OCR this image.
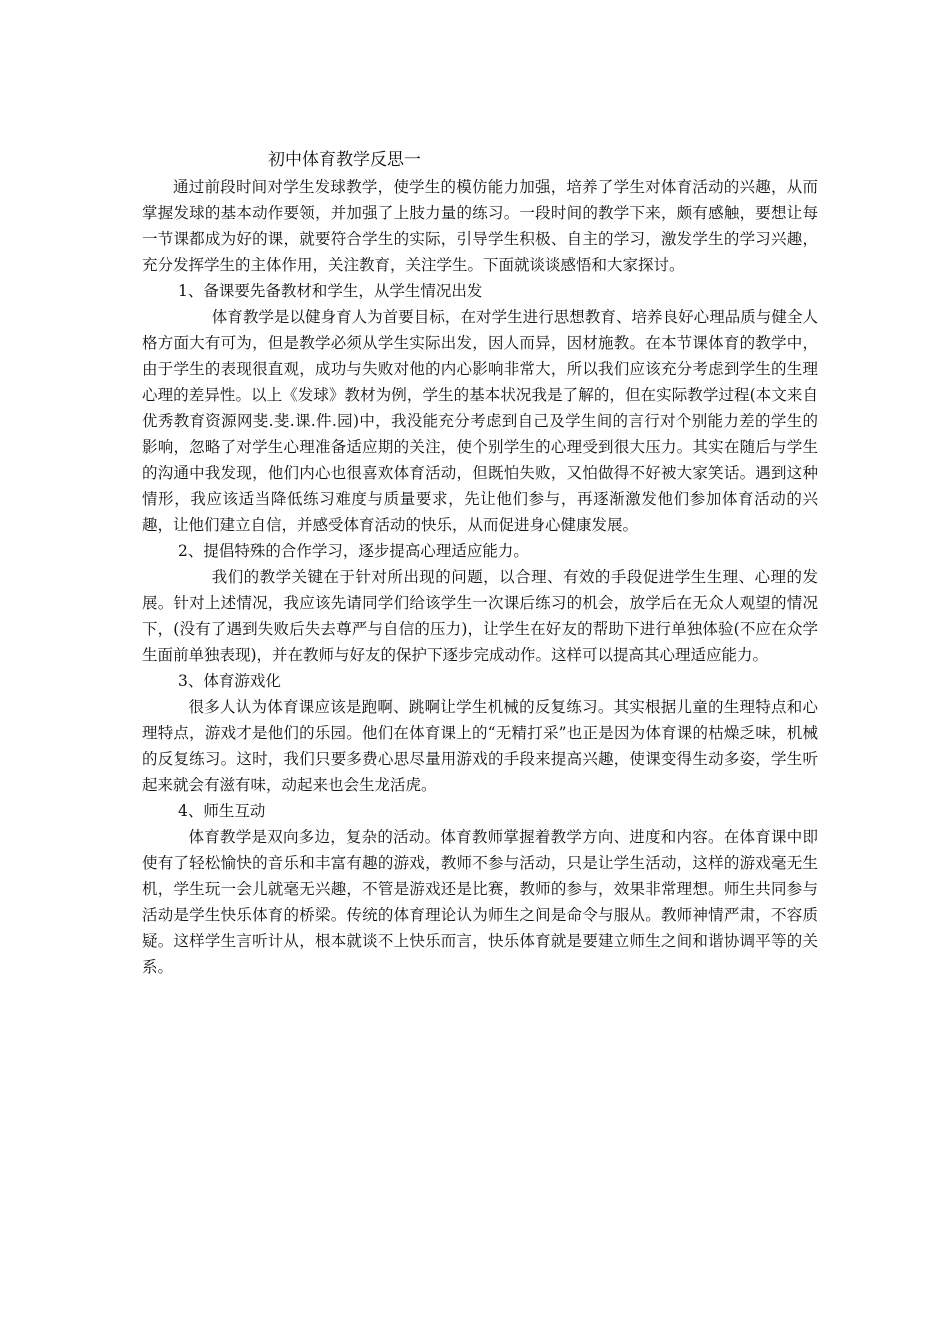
初中体育教学反思一

通过前段时间对学生发球教学，使学生的模仿能力加强，培养了学生对体育活动的兴趣，从而掌握发球的基本动作要领，并加强了上肢力量的练习。一段时间的教学下来，颇有感触，要想让每一节课都成为好的课，就要符合学生的实际，引导学生积极、自主的学习，激发学生的学习兴趣，充分发挥学生的主体作用，关注教育，关注学生。下面就谈谈感悟和大家探讨。

1、备课要先备教材和学生，从学生情况出发

体育教学是以健身育人为首要目标，在对学生进行思想教育、培养良好心理品质与健全人格方面大有可为，但是教学必须从学生实际出发，因人而异，因材施教。在本节课体育的教学中，由于学生的表现很直观，成功与失败对他的内心影响非常大，所以我们应该充分考虑到学生的生理心理的差异性。以上《发球》教材为例，学生的基本状况我是了解的，但在实际教学过程(本文来自优秀教育资源网斐.斐.课.件.园)中，我没能充分考虑到自己及学生间的言行对个别能力差的学生的影响，忽略了对学生心理准备适应期的关注，使个别学生的心理受到很大压力。其实在随后与学生的沟通中我发现，他们内心也很喜欢体育活动，但既怕失败，又怕做得不好被大家笑话。遇到这种情形，我应该适当降低练习难度与质量要求，先让他们参与，再逐渐激发他们参加体育活动的兴趣，让他们建立自信，并感受体育活动的快乐，从而促进身心健康发展。

2、提倡特殊的合作学习，逐步提高心理适应能力。

我们的教学关键在于针对所出现的问题，以合理、有效的手段促进学生生理、心理的发展。针对上述情况，我应该先请同学们给该学生一次课后练习的机会，放学后在无众人观望的情况下，(没有了遇到失败后失去尊严与自信的压力)，让学生在好友的帮助下进行单独体验(不应在众学生面前单独表现)，并在教师与好友的保护下逐步完成动作。这样可以提高其心理适应能力。

3、体育游戏化

很多人认为体育课应该是跑啊、跳啊让学生机械的反复练习。其实根据儿童的生理特点和心理特点，游戏才是他们的乐园。他们在体育课上的“无精打采”也正是因为体育课的枯燥乏味，机械的反复练习。这时，我们只要多费心思尽量用游戏的手段来提高兴趣，使课变得生动多姿，学生听起来就会有滋有味，动起来也会生龙活虎。

4、师生互动

体育教学是双向多边，复杂的活动。体育教师掌握着教学方向、进度和内容。在体育课中即使有了轻松愉快的音乐和丰富有趣的游戏，教师不参与活动，只是让学生活动，这样的游戏毫无生机，学生玩一会儿就毫无兴趣，不管是游戏还是比赛，教师的参与，效果非常理想。师生共同参与活动是学生快乐体育的桥梁。传统的体育理论认为师生之间是命令与服从。教师神情严肃，不容质疑。这样学生言听计从，根本就谈不上快乐而言，快乐体育就是要建立师生之间和谐协调平等的关系。
